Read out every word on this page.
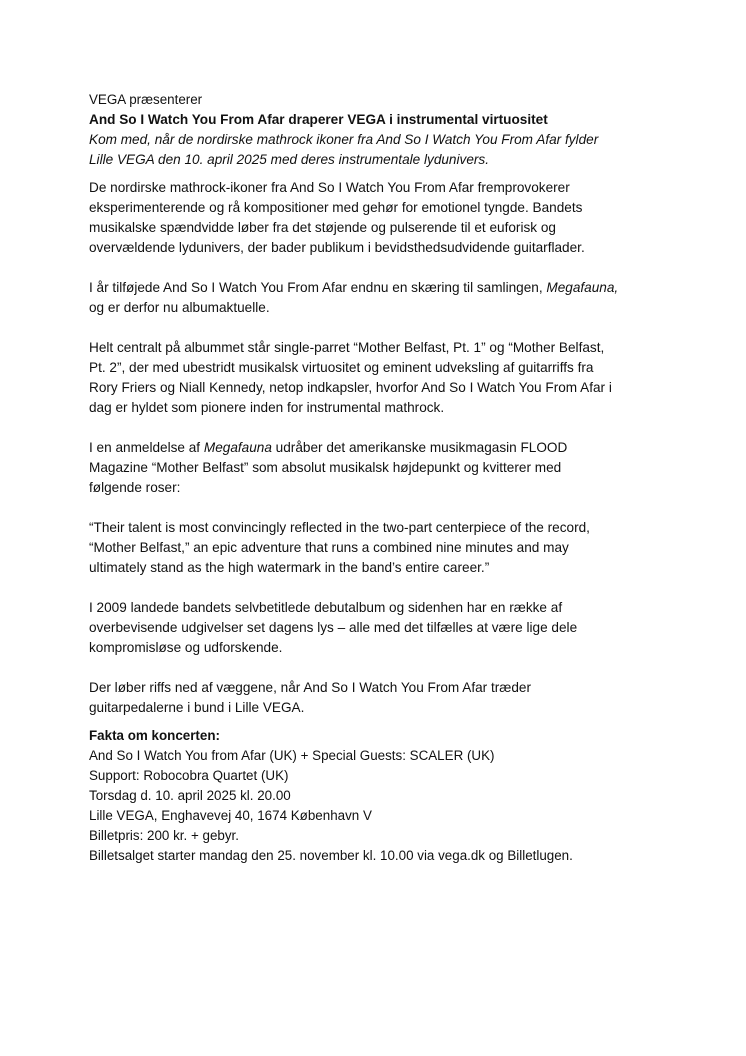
VEGA præsenterer
And So I Watch You From Afar draperer VEGA i instrumental virtuositet
Kom med, når de nordirske mathrock ikoner fra And So I Watch You From Afar fylder
Lille VEGA den 10. april 2025 med deres instrumentale lydunivers.

De nordirske mathrock-ikoner fra And So I Watch You From Afar fremprovokerer
eksperimenterende og rå kompositioner med gehør for emotionel tyngde. Bandets
musikalske spændvidde løber fra det støjende og pulserende til et euforisk og
overvældende lydunivers, der bader publikum i bevidsthedsudvidende guitarflader.

I år tilføjede And So I Watch You From Afar endnu en skæring til samlingen, Megafauna,
og er derfor nu albumaktuelle.

Helt centralt på albummet står single-parret “Mother Belfast, Pt. 1” og “Mother Belfast,
Pt. 2”, der med ubestridt musikalsk virtuositet og eminent udveksling af guitarriffs fra
Rory Friers og Niall Kennedy, netop indkapsler, hvorfor And So I Watch You From Afar i
dag er hyldet som pionere inden for instrumental mathrock.

I en anmeldelse af Megafauna udråber det amerikanske musikmagasin FLOOD
Magazine “Mother Belfast” som absolut musikalsk højdepunkt og kvitterer med
følgende roser:

“Their talent is most convincingly reflected in the two-part centerpiece of the record,
“Mother Belfast,” an epic adventure that runs a combined nine minutes and may
ultimately stand as the high watermark in the band’s entire career.”

I 2009 landede bandets selvbetitlede debutalbum og sidenhen har en række af
overbevisende udgivelser set dagens lys – alle med det tilfælles at være lige dele
kompromisløse og udforskende.

Der løber riffs ned af væggene, når And So I Watch You From Afar træder
guitarpedalerne i bund i Lille VEGA.

Fakta om koncerten:
And So I Watch You from Afar (UK) + Special Guests: SCALER (UK)
Support: Robocobra Quartet (UK)
Torsdag d. 10. april 2025 kl. 20.00
Lille VEGA, Enghavevej 40, 1674 København V
Billetpris: 200 kr. + gebyr.
Billetsalget starter mandag den 25. november kl. 10.00 via vega.dk og Billetlugen.
